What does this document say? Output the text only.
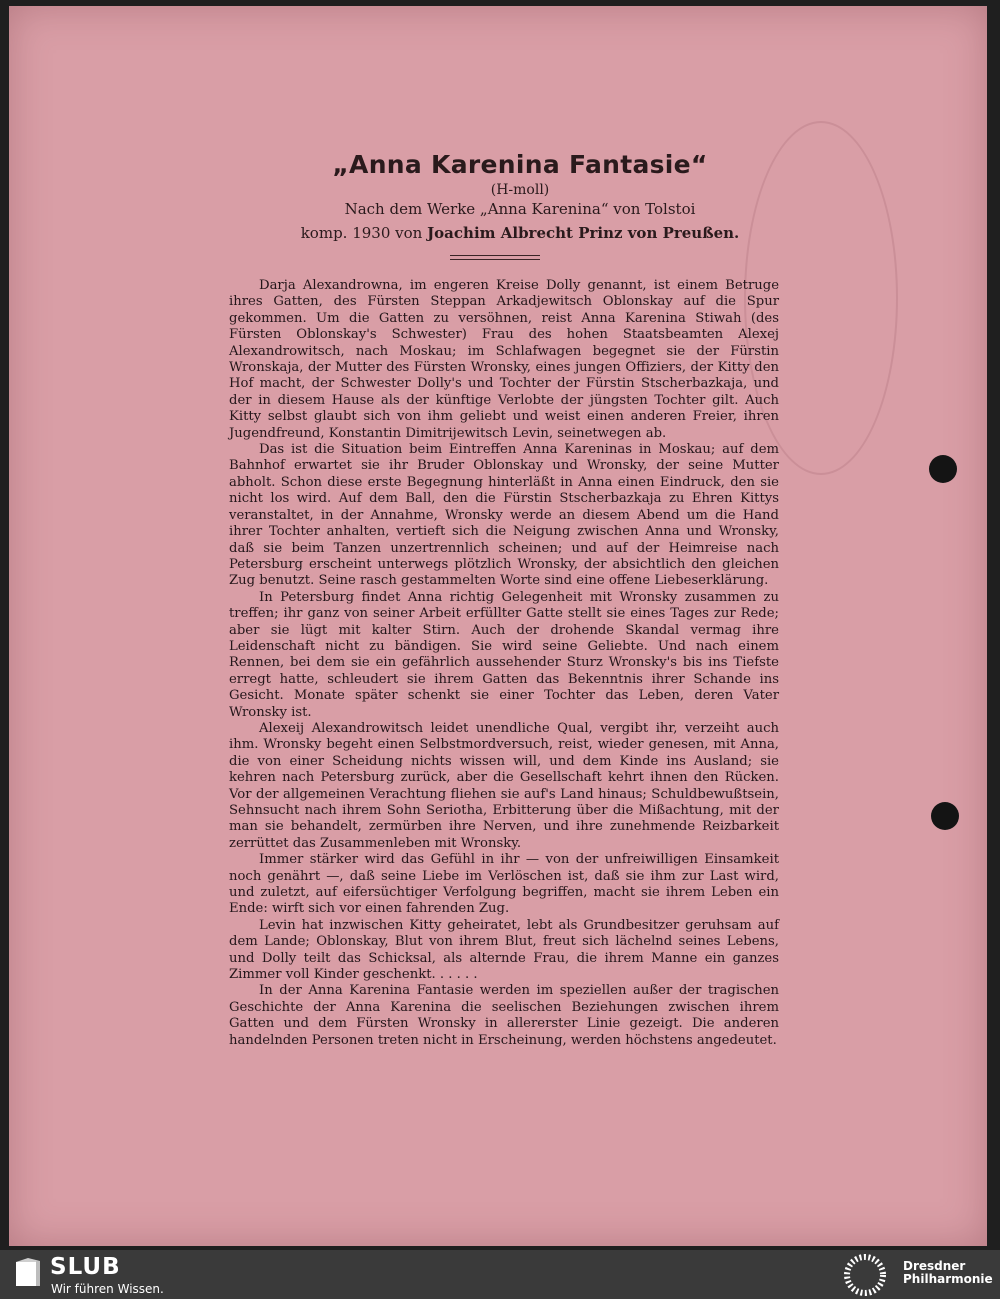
„Anna Karenina Fantasie“
(H-moll)
Nach dem Werke „Anna Karenina“ von Tolstoi
komp. 1930 von Joachim Albrecht Prinz von Preußen.

Darja Alexandrowna, im engeren Kreise Dolly genannt, ist einem Betruge ihres Gatten, des Fürsten Steppan Arkadjewitsch Oblonskay auf die Spur gekommen. Um die Gatten zu versöhnen, reist Anna Karenina Stiwah (des Fürsten Oblonskay's Schwester) Frau des hohen Staatsbeamten Alexej Alexandrowitsch, nach Moskau; im Schlafwagen begegnet sie der Fürstin Wronskaja, der Mutter des Fürsten Wronsky, eines jungen Offiziers, der Kitty den Hof macht, der Schwester Dolly's und Tochter der Fürstin Stscherbazkaja, und der in diesem Hause als der künftige Verlobte der jüngsten Tochter gilt. Auch Kitty selbst glaubt sich von ihm geliebt und weist einen anderen Freier, ihren Jugendfreund, Konstantin Dimitrijewitsch Levin, seinetwegen ab.

Das ist die Situation beim Eintreffen Anna Kareninas in Moskau; auf dem Bahnhof erwartet sie ihr Bruder Oblonskay und Wronsky, der seine Mutter abholt. Schon diese erste Begegnung hinterläßt in Anna einen Eindruck, den sie nicht los wird. Auf dem Ball, den die Fürstin Stscherbazkaja zu Ehren Kittys veranstaltet, in der Annahme, Wronsky werde an diesem Abend um die Hand ihrer Tochter anhalten, vertieft sich die Neigung zwischen Anna und Wronsky, daß sie beim Tanzen unzertrennlich scheinen; und auf der Heimreise nach Petersburg erscheint unterwegs plötzlich Wronsky, der absichtlich den gleichen Zug benutzt. Seine rasch gestammelten Worte sind eine offene Liebeserklärung.

In Petersburg findet Anna richtig Gelegenheit mit Wronsky zusammen zu treffen; ihr ganz von seiner Arbeit erfüllter Gatte stellt sie eines Tages zur Rede; aber sie lügt mit kalter Stirn. Auch der drohende Skandal vermag ihre Leidenschaft nicht zu bändigen. Sie wird seine Geliebte. Und nach einem Rennen, bei dem sie ein gefährlich aussehender Sturz Wronsky's bis ins Tiefste erregt hatte, schleudert sie ihrem Gatten das Bekenntnis ihrer Schande ins Gesicht. Monate später schenkt sie einer Tochter das Leben, deren Vater Wronsky ist.

Alexeij Alexandrowitsch leidet unendliche Qual, vergibt ihr, verzeiht auch ihm. Wronsky begeht einen Selbstmordversuch, reist, wieder genesen, mit Anna, die von einer Scheidung nichts wissen will, und dem Kinde ins Ausland; sie kehren nach Petersburg zurück, aber die Gesellschaft kehrt ihnen den Rücken. Vor der allgemeinen Verachtung fliehen sie auf's Land hinaus; Schuldbewußtsein, Sehnsucht nach ihrem Sohn Seriotha, Erbitterung über die Mißachtung, mit der man sie behandelt, zermürben ihre Nerven, und ihre zunehmende Reizbarkeit zerrüttet das Zusammenleben mit Wronsky.

Immer stärker wird das Gefühl in ihr — von der unfreiwilligen Einsamkeit noch genährt —, daß seine Liebe im Verlöschen ist, daß sie ihm zur Last wird, und zuletzt, auf eifersüchtiger Verfolgung begriffen, macht sie ihrem Leben ein Ende: wirft sich vor einen fahrenden Zug.

Levin hat inzwischen Kitty geheiratet, lebt als Grundbesitzer geruhsam auf dem Lande; Oblonskay, Blut von ihrem Blut, freut sich lächelnd seines Lebens, und Dolly teilt das Schicksal, als alternde Frau, die ihrem Manne ein ganzes Zimmer voll Kinder geschenkt. . . . . .

In der Anna Karenina Fantasie werden im speziellen außer der tragischen Geschichte der Anna Karenina die seelischen Beziehungen zwischen ihrem Gatten und dem Fürsten Wronsky in allererster Linie gezeigt. Die anderen handelnden Personen treten nicht in Erscheinung, werden höchstens angedeutet.

SLUB
Wir führen Wissen.
Dresdner
Philharmonie
